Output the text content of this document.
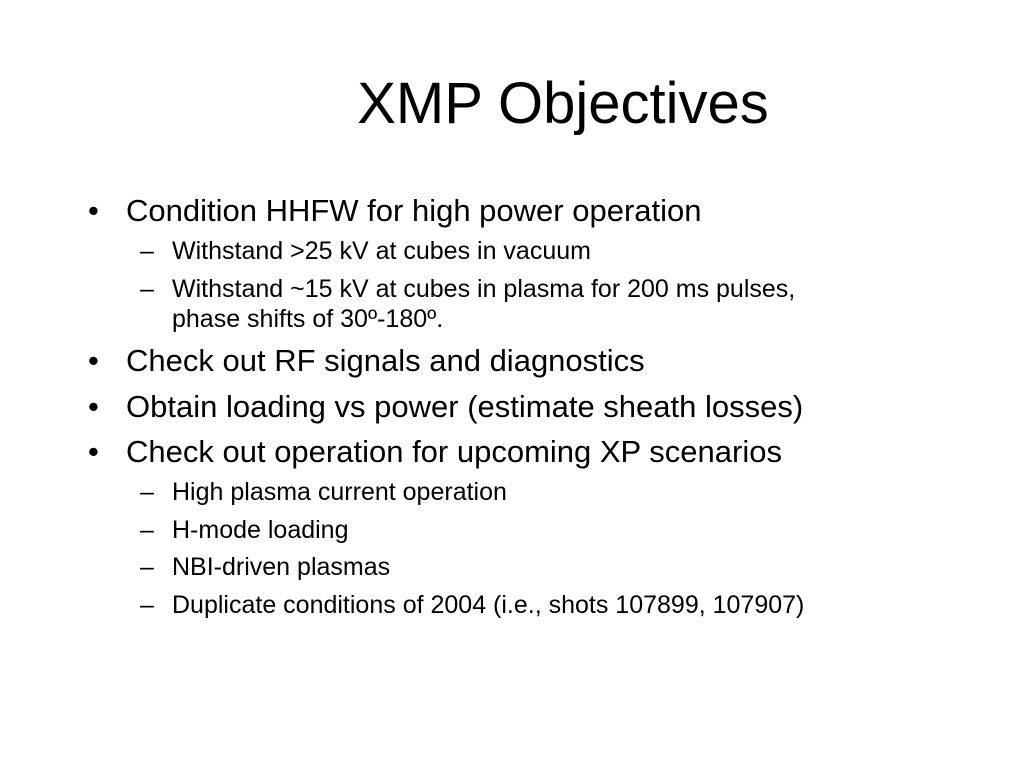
XMP Objectives
• Condition HHFW for high power operation
– Withstand >25 kV at cubes in vacuum
– Withstand ~15 kV at cubes in plasma for 200 ms pulses,
phase shifts of 30º-180º.
• Check out RF signals and diagnostics
• Obtain loading vs power (estimate sheath losses)
• Check out operation for upcoming XP scenarios
– High plasma current operation
– H-mode loading
– NBI-driven plasmas
– Duplicate conditions of 2004 (i.e., shots 107899, 107907)
